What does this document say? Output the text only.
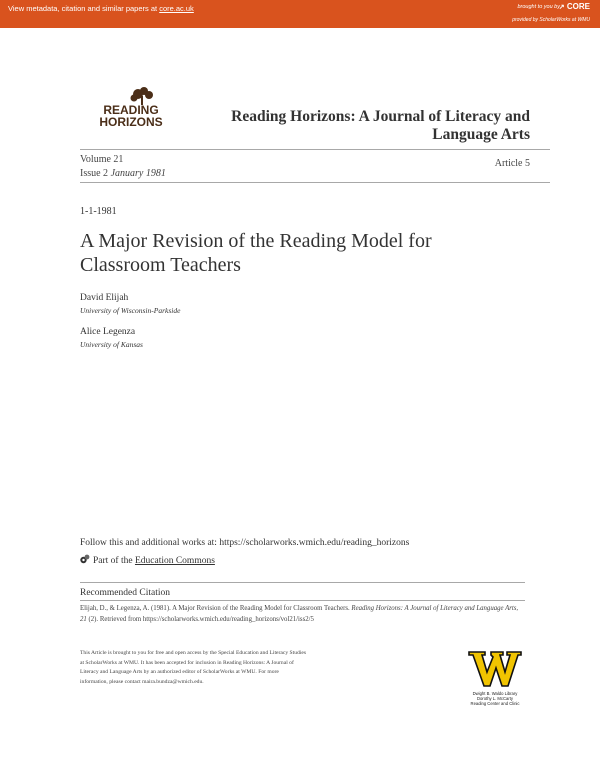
View metadata, citation and similar papers at core.ac.uk	brought to you by
↗ CORE
provided by ScholarWorks at WMU
READING
HORIZONS	Reading Horizons: A Journal of Literacy and Language Arts
Volume 21
Issue 2 January 1981
Article 5
1-1-1981
A Major Revision of the Reading Model for Classroom Teachers
David Elijah
University of Wisconsin-Parkside
Alice Legenza
University of Kansas
Follow this and additional works at: https://scholarworks.wmich.edu/reading_horizons
Part of the Education Commons
Recommended Citation
Elijah, D., & Legenza, A. (1981). A Major Revision of the Reading Model for Classroom Teachers. Reading Horizons: A Journal of Literacy and Language Arts, 21 (2). Retrieved from https://scholarworks.wmich.edu/reading_horizons/vol21/iss2/5
This Article is brought to you for free and open access by the Special Education and Literacy Studies at ScholarWorks at WMU. It has been accepted for inclusion in Reading Horizons: A Journal of Literacy and Language Arts by an authorized editor of ScholarWorks at WMU. For more information, please contact maira.bundza@wmich.edu.
Dwight B. Waldo Library
Dorothy L. McCarty
Reading Center and Clinic
